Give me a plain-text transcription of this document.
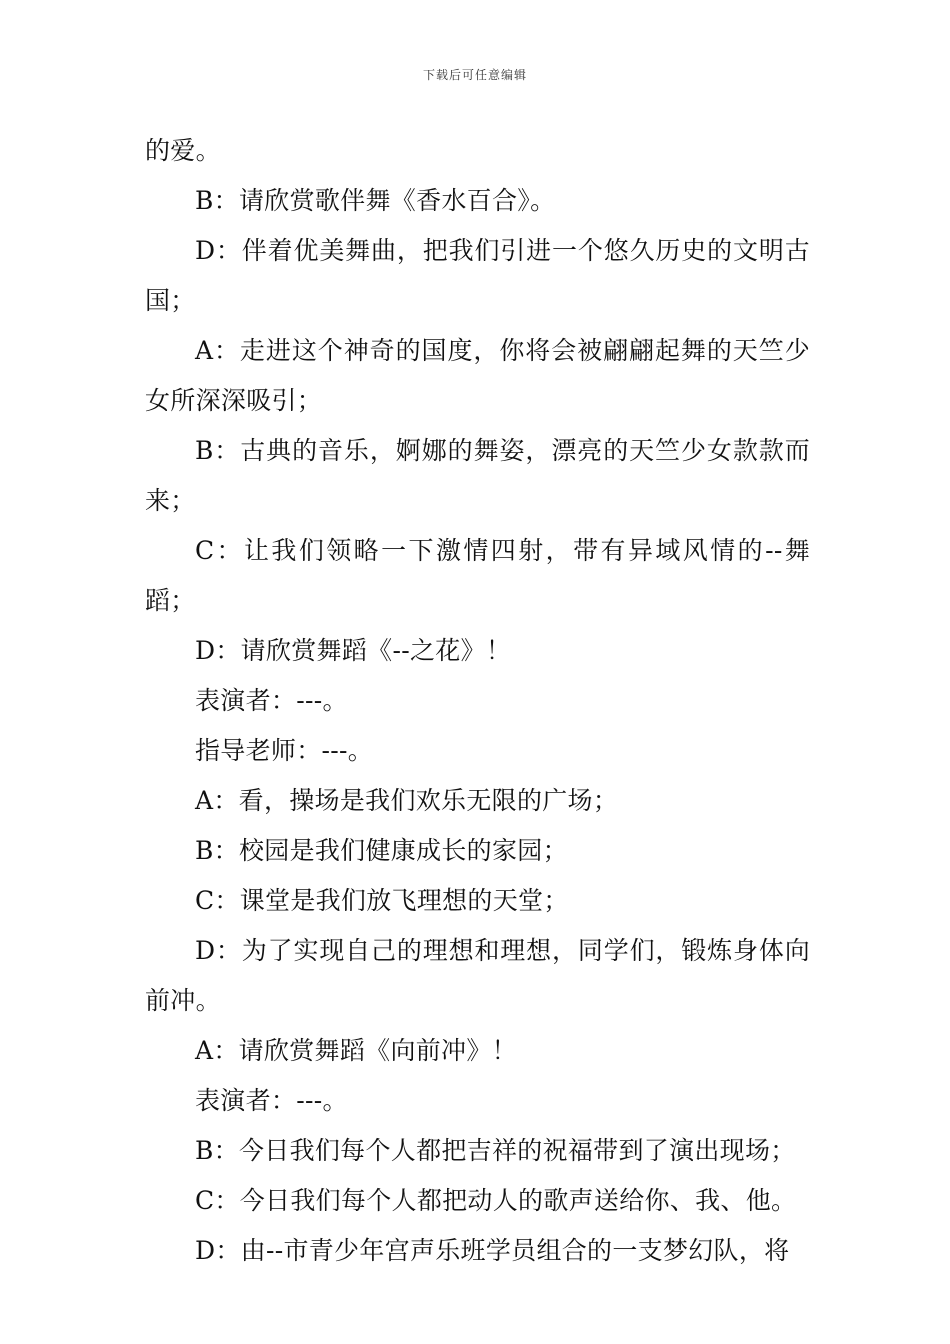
下载后可任意编辑

的爱。

B：请欣赏歌伴舞《香水百合》。

D：伴着优美舞曲，把我们引进一个悠久历史的文明古国；

A：走进这个神奇的国度，你将会被翩翩起舞的天竺少女所深深吸引；

B：古典的音乐，婀娜的舞姿，漂亮的天竺少女款款而来；

C：让我们领略一下激情四射，带有异域风情的--舞蹈；

D：请欣赏舞蹈《--之花》！

表演者：---。

指导老师：---。

A：看，操场是我们欢乐无限的广场；

B：校园是我们健康成长的家园；

C：课堂是我们放飞理想的天堂；

D：为了实现自己的理想和理想，同学们，锻炼身体向前冲。

A：请欣赏舞蹈《向前冲》！

表演者：---。

B：今日我们每个人都把吉祥的祝福带到了演出现场；

C：今日我们每个人都把动人的歌声送给你、我、他。

D：由--市青少年宫声乐班学员组合的一支梦幻队，将
